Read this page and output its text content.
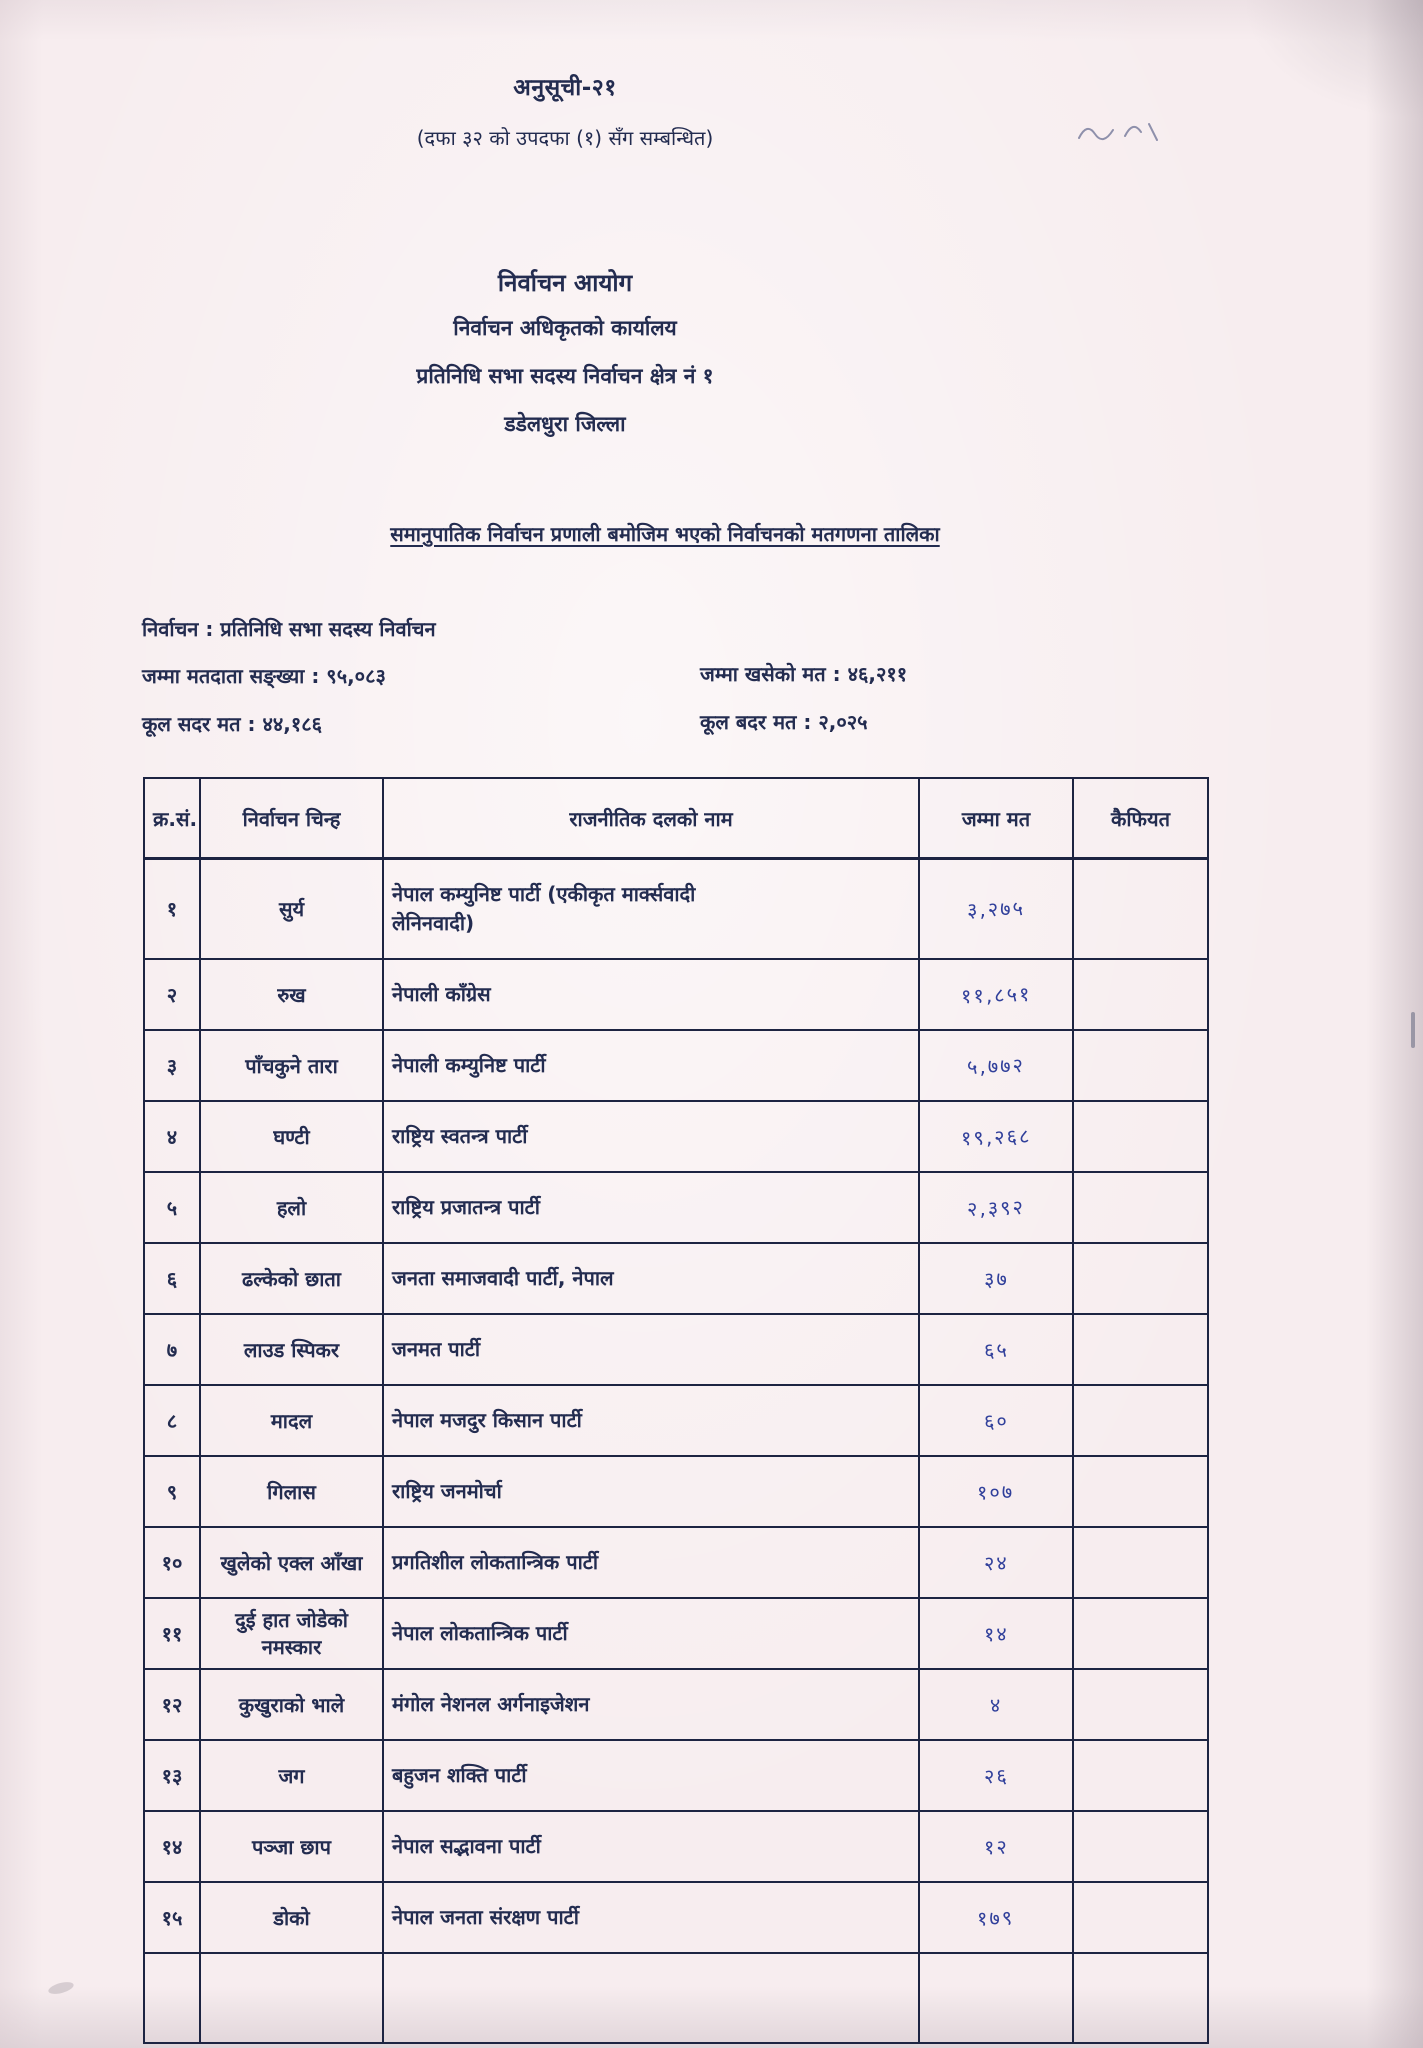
अनुसूची-२१
(दफा ३२ को उपदफा (१) सँग सम्बन्धित)
निर्वाचन आयोग
निर्वाचन अधिकृतको कार्यालय
प्रतिनिधि सभा सदस्य निर्वाचन क्षेत्र नं १
डडेलधुरा जिल्ला
समानुपातिक निर्वाचन प्रणाली बमोजिम भएको निर्वाचनको मतगणना तालिका
निर्वाचन : प्रतिनिधि सभा सदस्य निर्वाचन
जम्मा मतदाता सङ्ख्या : ९५,०८३	जम्मा खसेको मत : ४६,२११
कूल सदर मत : ४४,१८६	कूल बदर मत : २,०२५
क्र.सं.	निर्वाचन चिन्ह	राजनीतिक दलको नाम	जम्मा मत	कैफियत
१	सुर्य	नेपाल कम्युनिष्ट पार्टी (एकीकृत मार्क्सवादी लेनिनवादी)	३,२७५	
२	रुख	नेपाली काँग्रेस	११,८५१	
३	पाँचकुने तारा	नेपाली कम्युनिष्ट पार्टी	५,७७२	
४	घण्टी	राष्ट्रिय स्वतन्त्र पार्टी	१९,२६८	
५	हलो	राष्ट्रिय प्रजातन्त्र पार्टी	२,३९२	
६	ढल्केको छाता	जनता समाजवादी पार्टी, नेपाल	३७	
७	लाउड स्पिकर	जनमत पार्टी	६५	
८	मादल	नेपाल मजदुर किसान पार्टी	६०	
९	गिलास	राष्ट्रिय जनमोर्चा	१०७	
१०	खुलेको एक्ल आँखा	प्रगतिशील लोकतान्त्रिक पार्टी	२४	
११	दुई हात जोडेको नमस्कार	नेपाल लोकतान्त्रिक पार्टी	१४	
१२	कुखुराको भाले	मंगोल नेशनल अर्गनाइजेशन	४	
१३	जग	बहुजन शक्ति पार्टी	२६	
१४	पञ्जा छाप	नेपाल सद्भावना पार्टी	१२	
१५	डोको	नेपाल जनता संरक्षण पार्टी	१७९	
